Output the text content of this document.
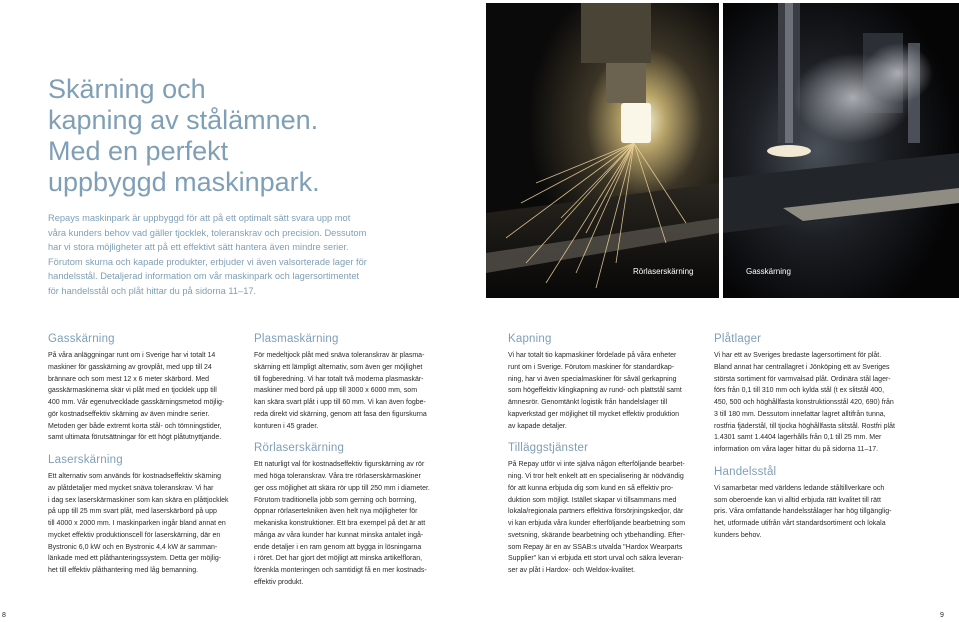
Skärning och
kapning av stålämnen.
Med en perfekt
uppbyggd maskinpark.
Repays maskinpark är uppbyggd för att på ett optimalt sätt svara upp mot
våra kunders behov vad gäller tjocklek, toleranskrav och precision. Dessutom
har vi stora möjligheter att på ett effektivt sätt hantera även mindre serier.
Förutom skurna och kapade produkter, erbjuder vi även valsorterade lager för
handelsstål. Detaljerad information om vår maskinpark och lagersortimentet
för handelsstål och plåt hittar du på sidorna 11–17.
Rörlaserskärning	Gasskärning
Gasskärning

På våra anläggningar runt om i Sverige har vi totalt 14
maskiner för gasskärning av grovplåt, med upp till 24
brännare och som mest 12 x 6 meter skärbord. Med
gasskärmaskinerna skär vi plåt med en tjocklek upp till
400 mm. Vår egenutvecklade gasskärningsmetod möjlig-
gör kostnadseffektiv skärning av även mindre serier.
Metoden ger både extremt korta stål- och tömningstider,
samt ultimata förutsättningar för ett högt plåtutnyttjande.

Laserskärning

Ett alternativ som används för kostnadseffektiv skärning
av plåtdetaljer med mycket snäva toleranskrav. Vi har
i dag sex laserskärmaskiner som kan skära en plåttjocklek
på upp till 25 mm svart plåt, med laserskärbord på upp
till 4000 x 2000 mm. I maskinparken ingår bland annat en
mycket effektiv produktionscell för laserskärning, där en
Bystronic 6,0 kW och en Bystronic 4,4 kW är samman-
länkade med ett plåthanteringssystem. Detta ger möjlig-
het till effektiv plåthantering med låg bemanning.

Plasmaskärning

För medeltjock plåt med snäva toleranskrav är plasma-
skärning ett lämpligt alternativ, som även ger möjlighet
till fogberedning. Vi har totalt två moderna plasmaskär-
maskiner med bord på upp till 3000 x 6000 mm, som
kan skära svart plåt i upp till 60 mm. Vi kan även fogbe-
reda direkt vid skärning, genom att fasa den figurskurna
konturen i 45 grader.

Rörlaserskärning

Ett naturligt val för kostnadseffektiv figurskärning av rör
med höga toleranskrav. Våra tre rörlaserskärmaskiner
ger oss möjlighet att skära rör upp till 250 mm i diameter.
Förutom traditionella jobb som gerning och borrning,
öppnar rörlasertekniken även helt nya möjligheter för
mekaniska konstruktioner. Ett bra exempel på det är att
många av våra kunder har kunnat minska antalet ingå-
ende detaljer i en ram genom att bygga in lösningarna
i röret. Det har gjort det möjligt att minska artikelfloran,
förenkla monteringen och samtidigt få en mer kostnads-
effektiv produkt.

Kapning

Vi har totalt tio kapmaskiner fördelade på våra enheter
runt om i Sverige. Förutom maskiner för standardkap-
ning, har vi även specialmaskiner för såväl gerkapning
som högeffektiv klingkapning av rund- och plattstål samt
ämnesrör. Genomtänkt logistik från handelslager till
kapverkstad ger möjlighet till mycket effektiv produktion
av kapade detaljer.

Tilläggstjänster

På Repay utför vi inte själva någon efterföljande bearbet-
ning. Vi tror helt enkelt att en specialisering är nödvändig
för att kunna erbjuda dig som kund en så effektiv pro-
duktion som möjligt. Istället skapar vi tillsammans med
lokala/regionala partners effektiva försörjningskedjor, där
vi kan erbjuda våra kunder efterföljande bearbetning som
svetsning, skärande bearbetning och ytbehandling. Efter-
som Repay är en av SSAB:s utvalda "Hardox Wearparts
Supplier" kan vi erbjuda ett stort urval och säkra leveran-
ser av plåt i Hardox- och Weldox-kvalitet.

Plåtlager

Vi har ett av Sveriges bredaste lagersortiment för plåt.
Bland annat har centrallagret i Jönköping ett av Sveriges
största sortiment för varmvalsad plåt. Ordinära stål lager-
förs från 0,1 till 310 mm och kylda stål (t ex slitstål 400,
450, 500 och höghållfasta konstruktionsstål 420, 690) från
3 till 180 mm. Dessutom innefattar lagret alltifrån tunna,
rostfria fjäderstål, till tjocka höghållfasta slitstål. Rostfri plåt
1.4301 samt 1.4404 lagerhålls från 0,1 till 25 mm. Mer
information om våra lager hittar du på sidorna 11–17.

Handelsstål

Vi samarbetar med världens ledande ståltillverkare och
som oberoende kan vi alltid erbjuda rätt kvalitet till rätt
pris. Våra omfattande handelsstålager har hög tillgänglig-
het, utformade utifrån vårt standardsortiment och lokala
kunders behov.

8	9
